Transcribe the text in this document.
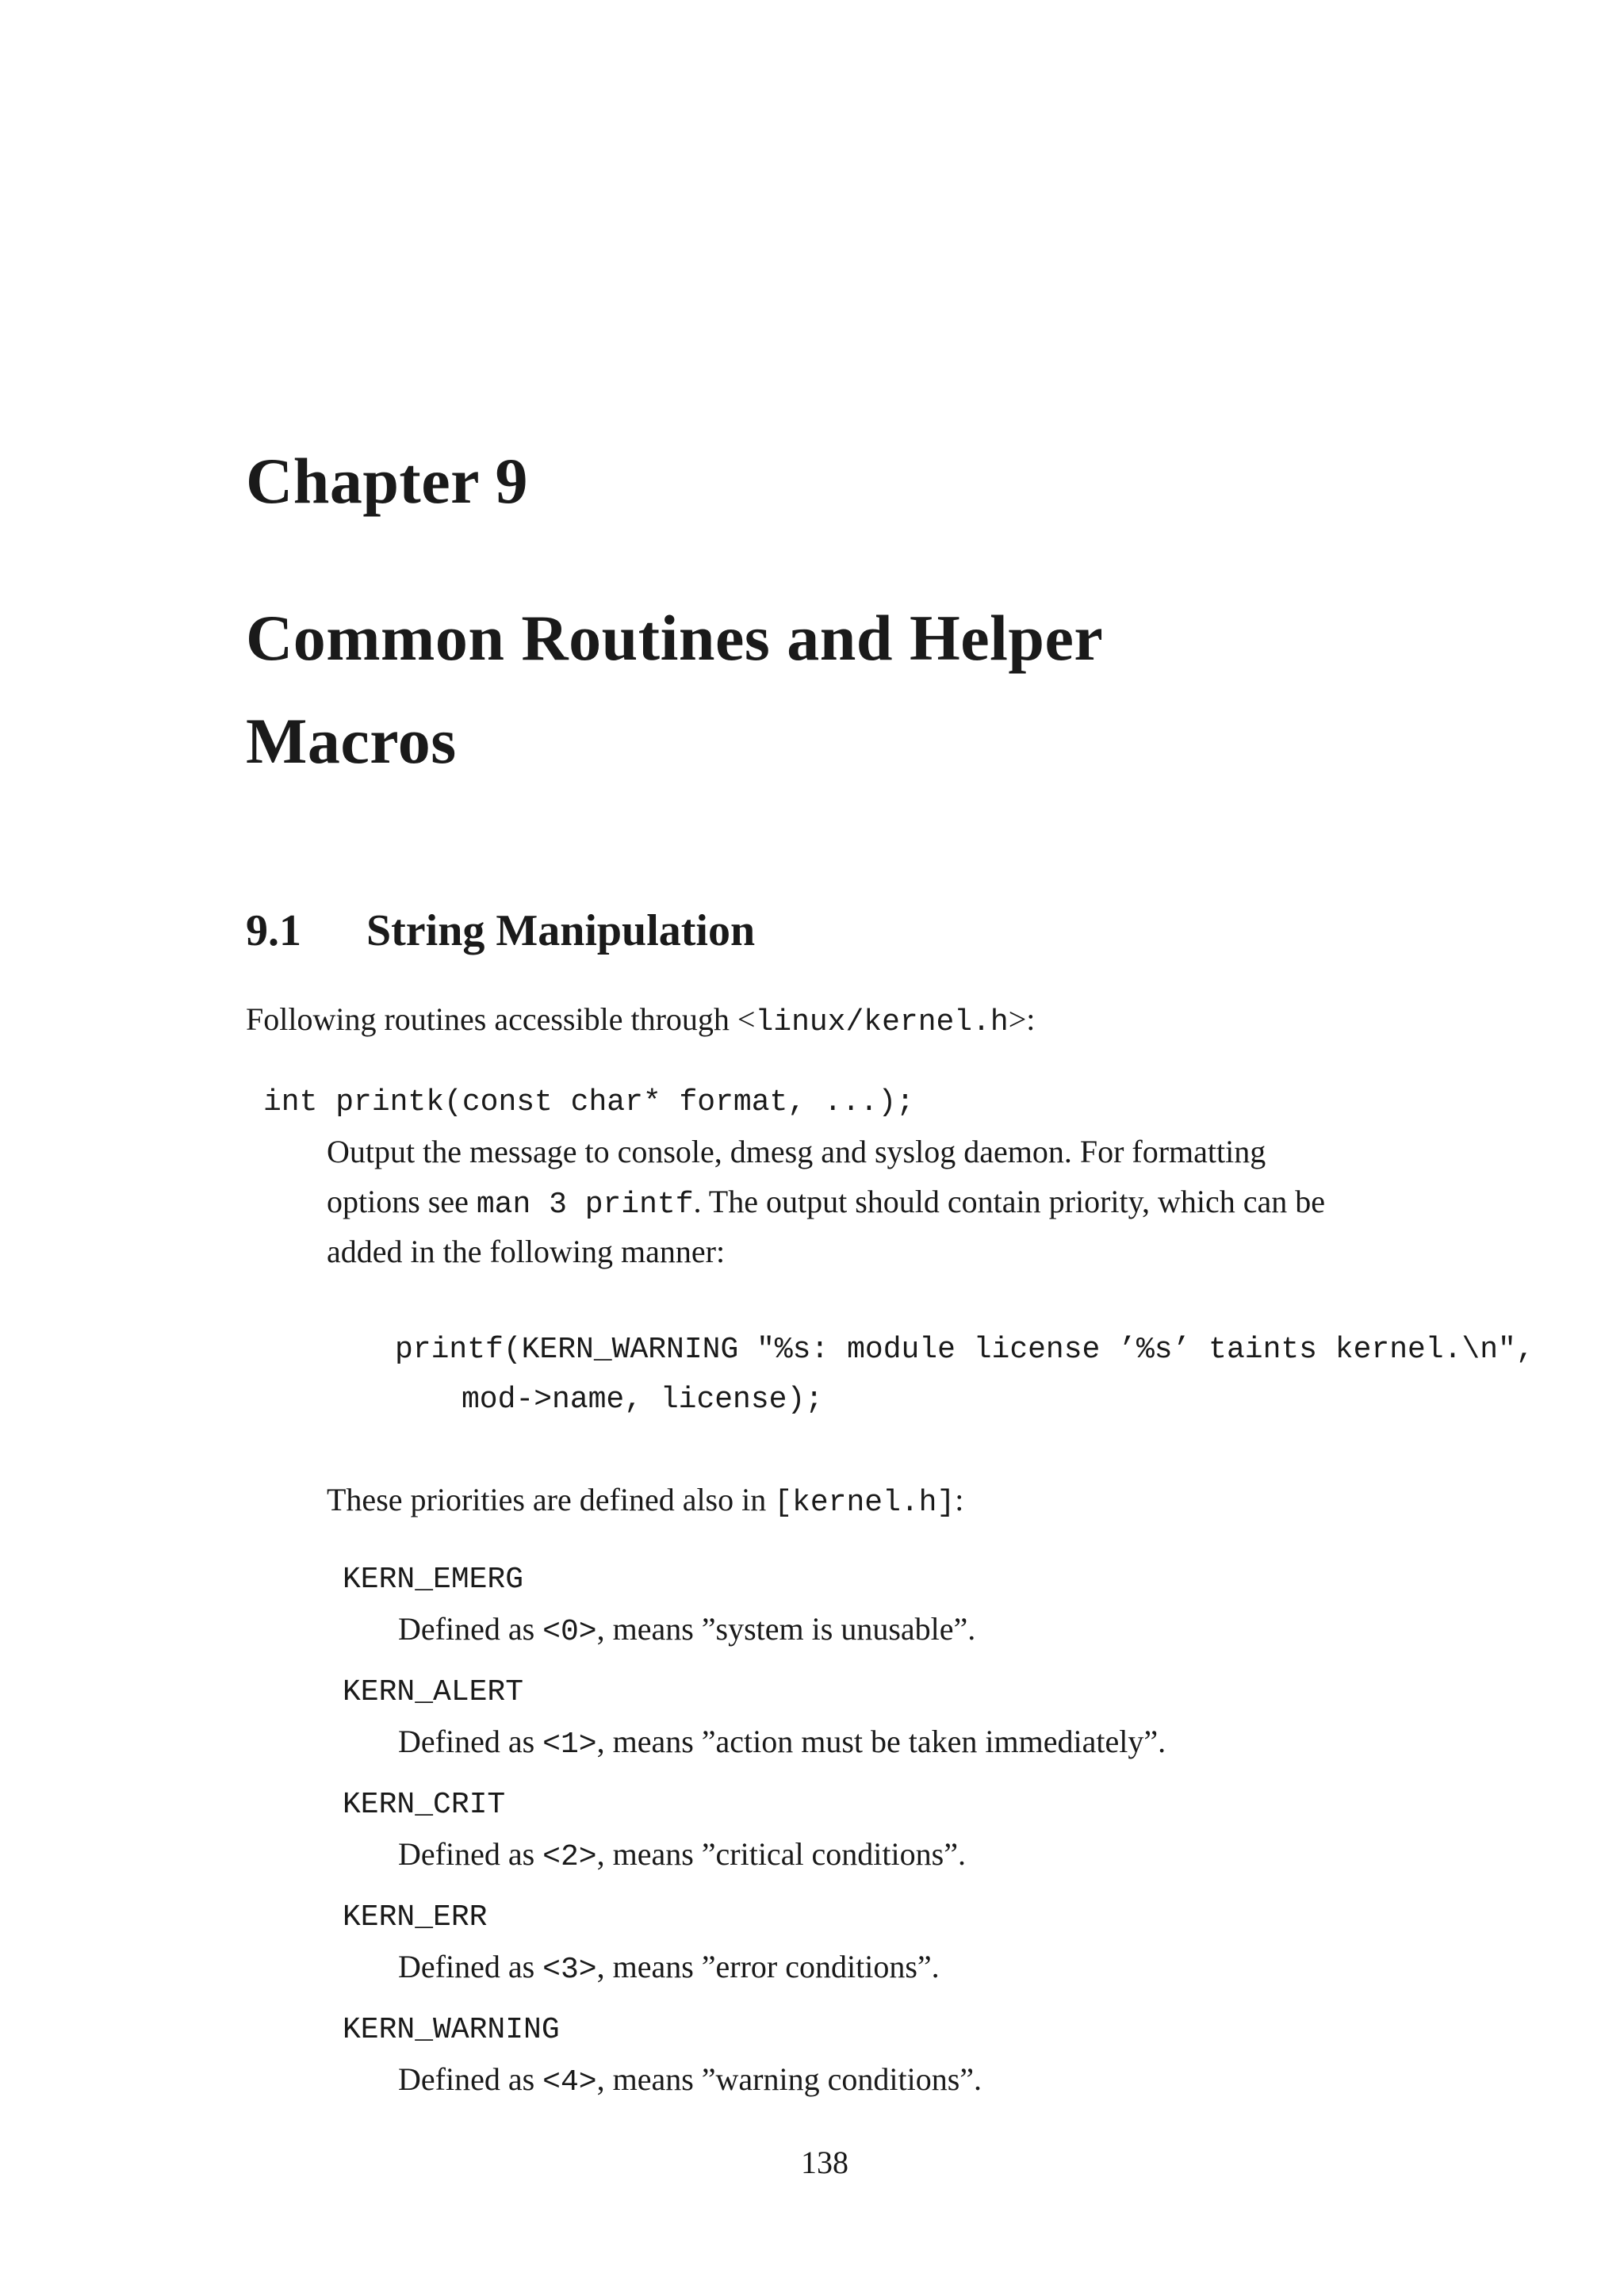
Chapter 9
Common Routines and Helper
Macros
9.1 String Manipulation
Following routines accessible through <linux/kernel.h>:
int printk(const char* format, ...);
Output the message to console, dmesg and syslog daemon. For formatting
options see man 3 printf. The output should contain priority, which can be
added in the following manner:
printf(KERN_WARNING "%s: module license ’%s’ taints kernel.\n",
mod->name, license);
These priorities are defined also in [kernel.h]:
KERN_EMERG
Defined as <0>, means ”system is unusable”.
KERN_ALERT
Defined as <1>, means ”action must be taken immediately”.
KERN_CRIT
Defined as <2>, means ”critical conditions”.
KERN_ERR
Defined as <3>, means ”error conditions”.
KERN_WARNING
Defined as <4>, means ”warning conditions”.
138
